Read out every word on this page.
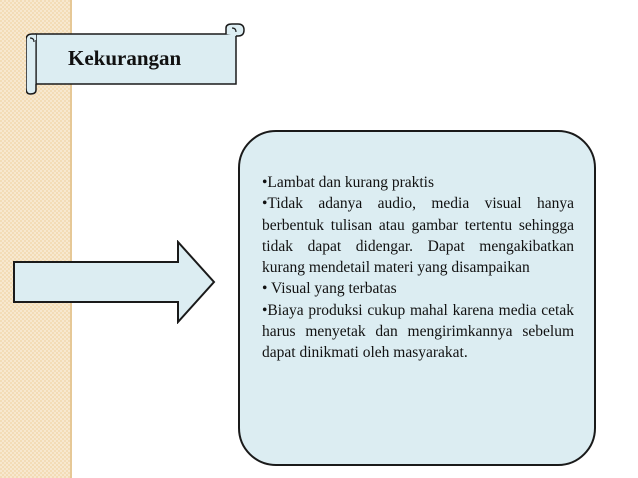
Kekurangan

•Lambat dan kurang praktis

•Tidak adanya audio, media visual hanya berbentuk tulisan atau gambar tertentu sehingga tidak dapat didengar. Dapat mengakibatkan kurang mendetail materi yang disampaikan

• Visual yang terbatas

•Biaya produksi cukup mahal karena media cetak harus menyetak dan mengirimkannya sebelum dapat dinikmati oleh masyarakat.
